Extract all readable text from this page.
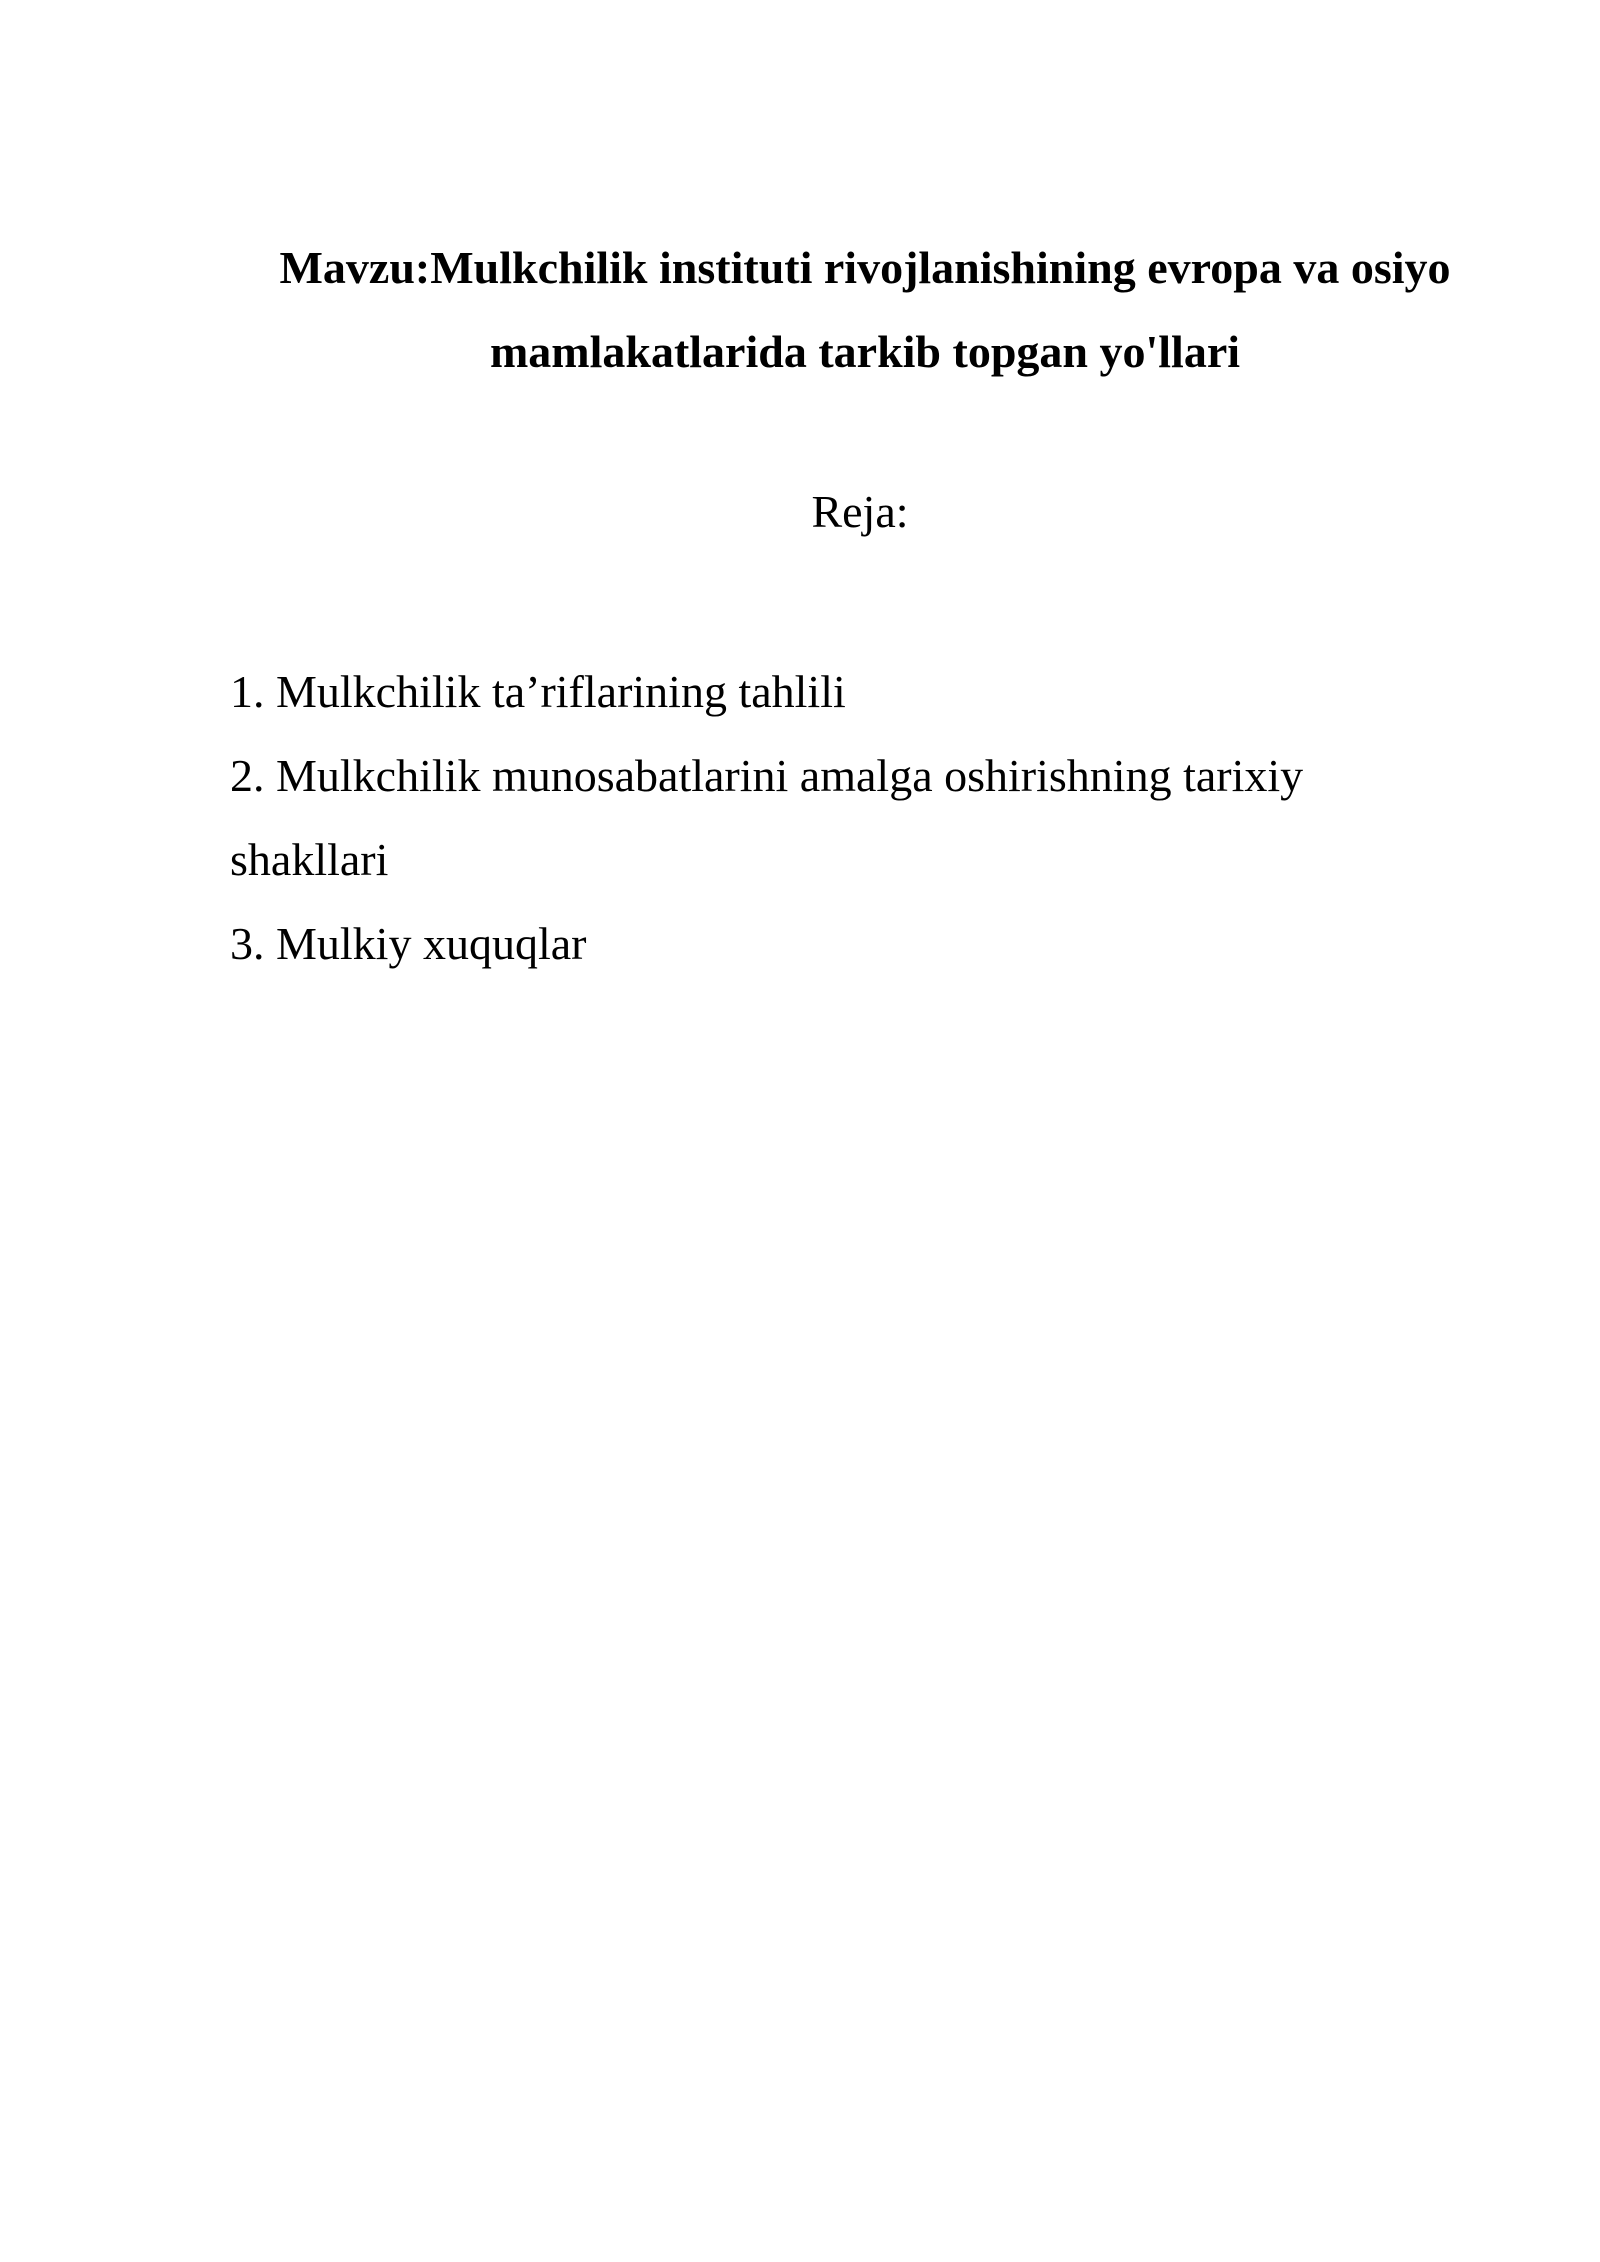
Mavzu:Mulkchilik instituti rivojlanishining evropa va osiyo
mamlakatlarida tarkib topgan yo'llari

Reja:

1. Mulkchilik ta’riflarining tahlili
2. Mulkchilik munosabatlarini amalga oshirishning tarixiy
shakllari
3. Mulkiy xuquqlar
